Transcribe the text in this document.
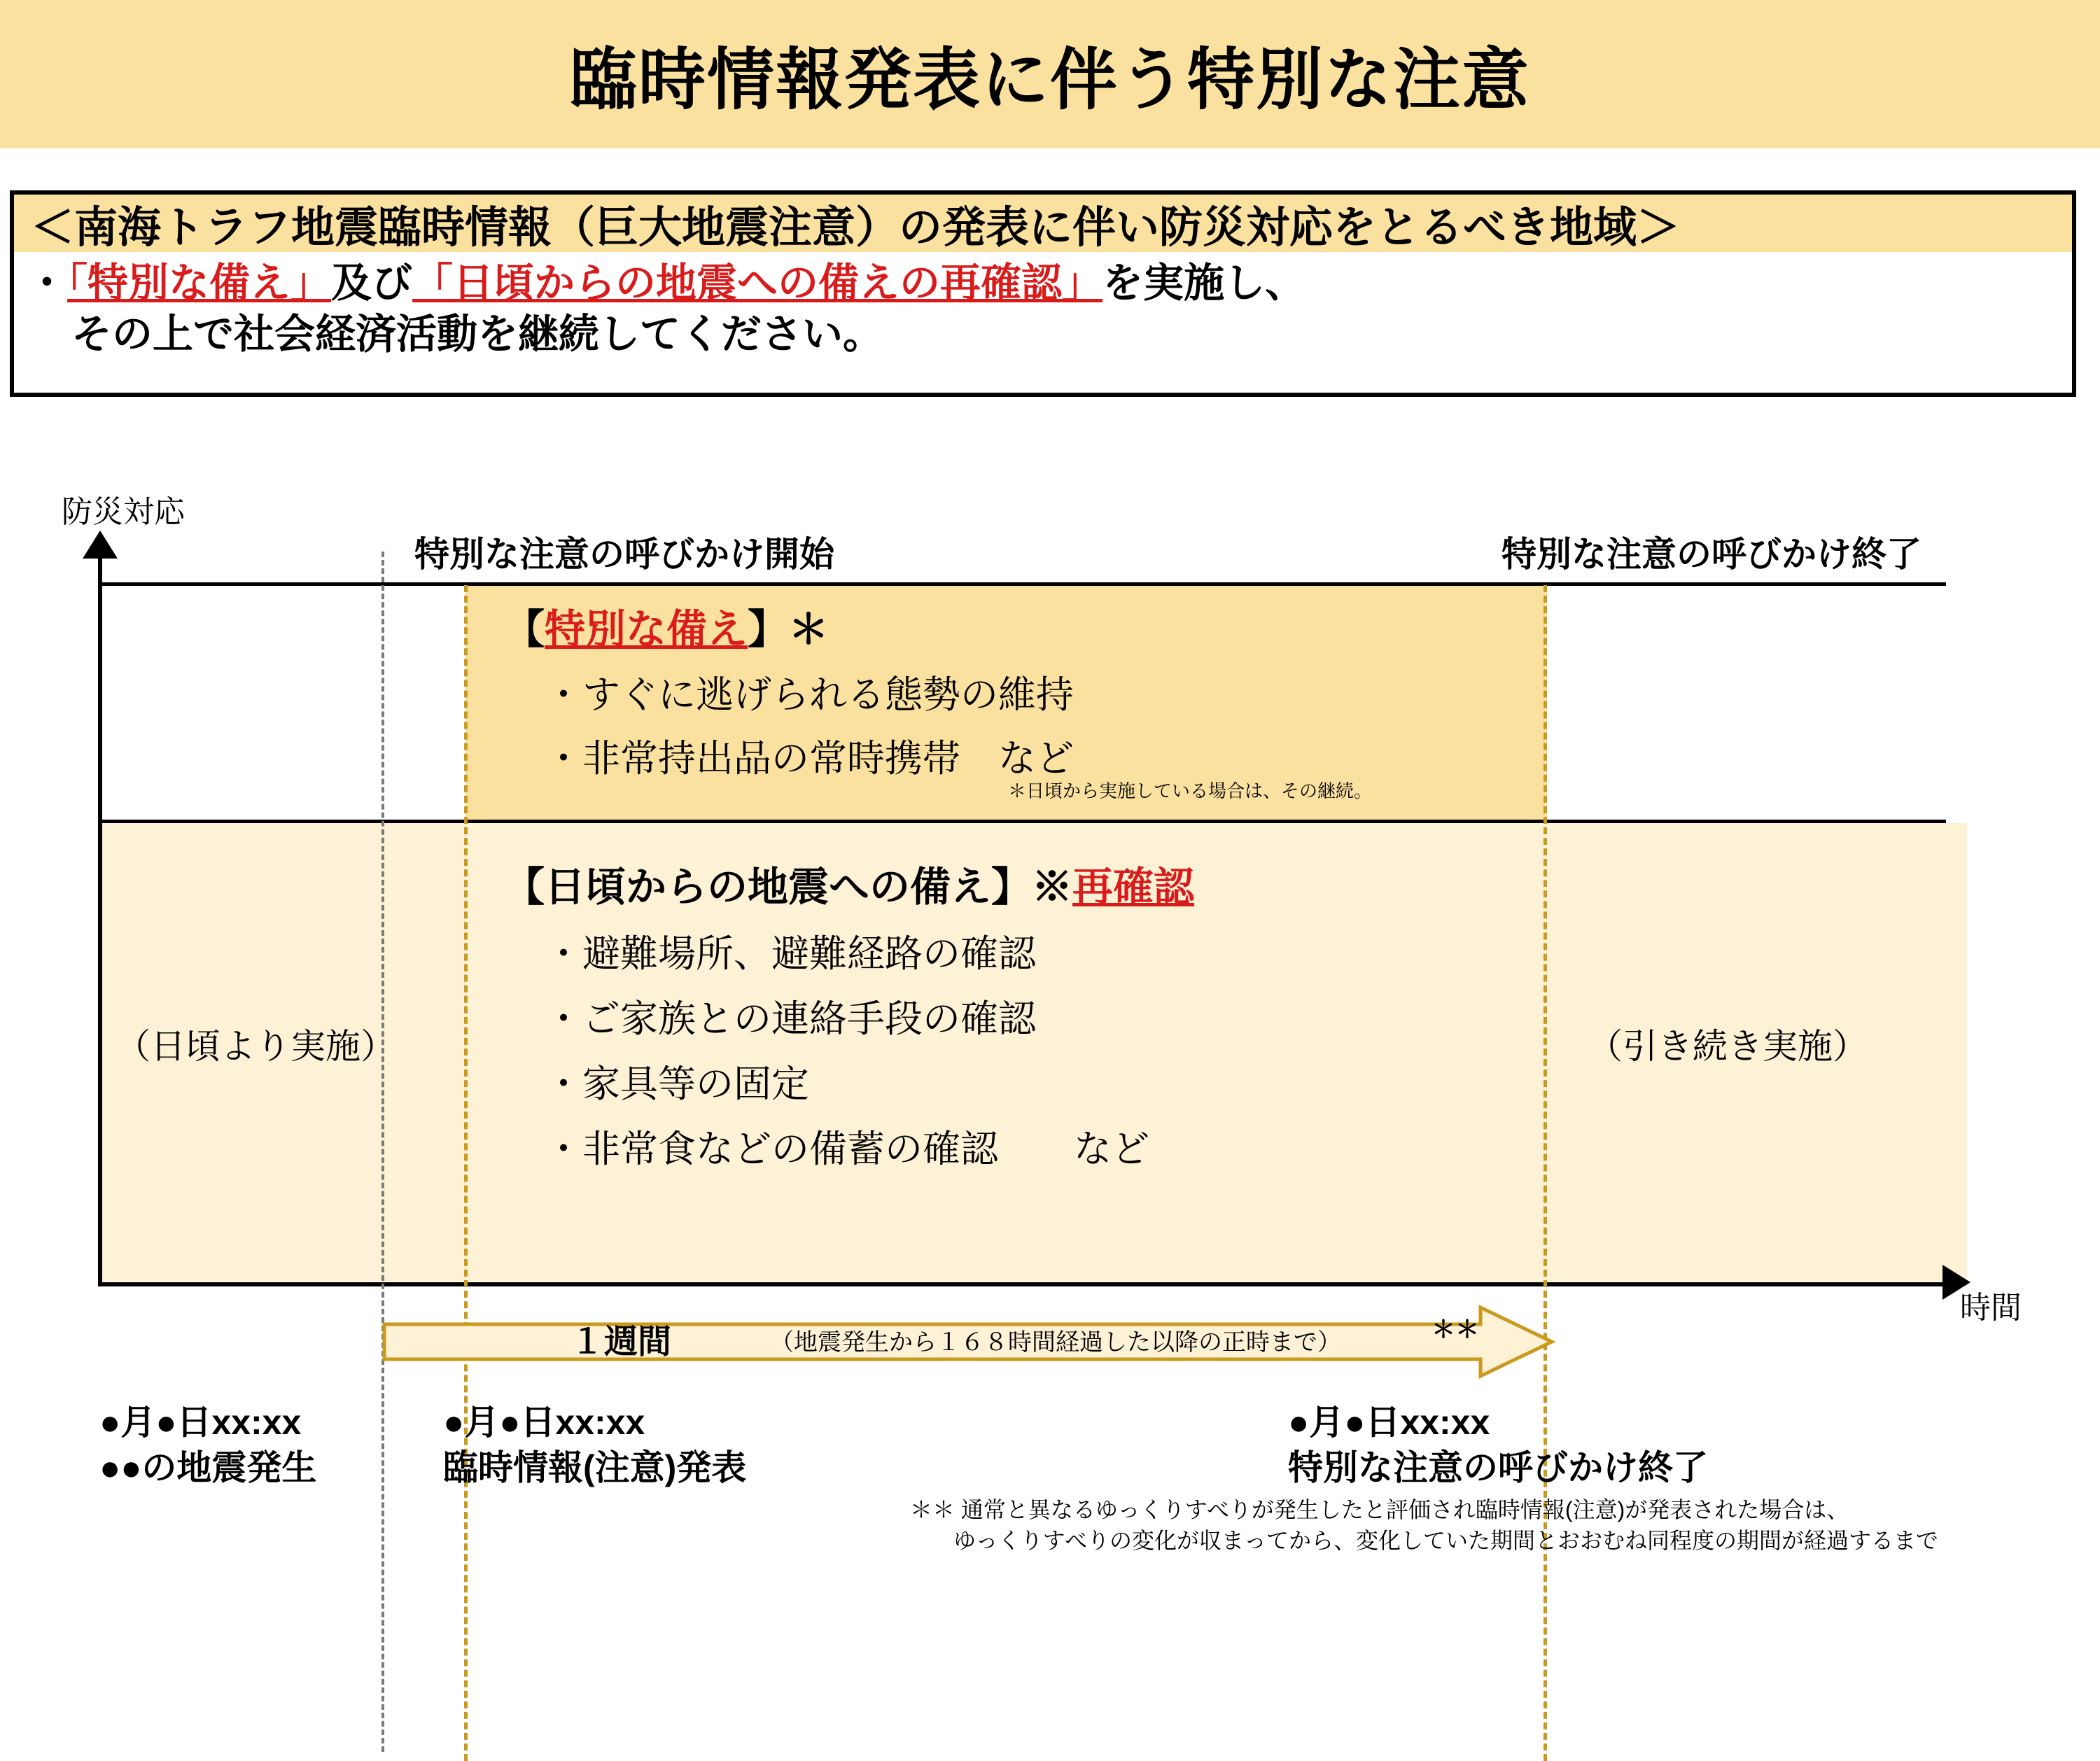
臨時情報発表に伴う特別な注意
＜南海トラフ地震臨時情報（巨大地震注意）の発表に伴い防災対応をとるべき地域＞
・「特別な備え」及び「日頃からの地震への備えの再確認」を実施し、
その上で社会経済活動を継続してください。
防災対応
時間
特別な注意の呼びかけ開始	特別な注意の呼びかけ終了
【特別な備え】＊
・すぐに逃げられる態勢の維持
・非常持出品の常時携帯　など
＊日頃から実施している場合は、その継続。
【日頃からの地震への備え】※再確認
・避難場所、避難経路の確認
・ご家族との連絡手段の確認
・家具等の固定
・非常食などの備蓄の確認　　など
（日頃より実施）	（引き続き実施）
１週間	（地震発生から１６８時間経過した以降の正時まで）	＊＊
●月●日xx:xx
●●の地震発生
●月●日xx:xx
臨時情報(注意)発表
●月●日xx:xx
特別な注意の呼びかけ終了
＊＊ 通常と異なるゆっくりすべりが発生したと評価され臨時情報(注意)が発表された場合は、
ゆっくりすべりの変化が収まってから、変化していた期間とおおむね同程度の期間が経過するまで
